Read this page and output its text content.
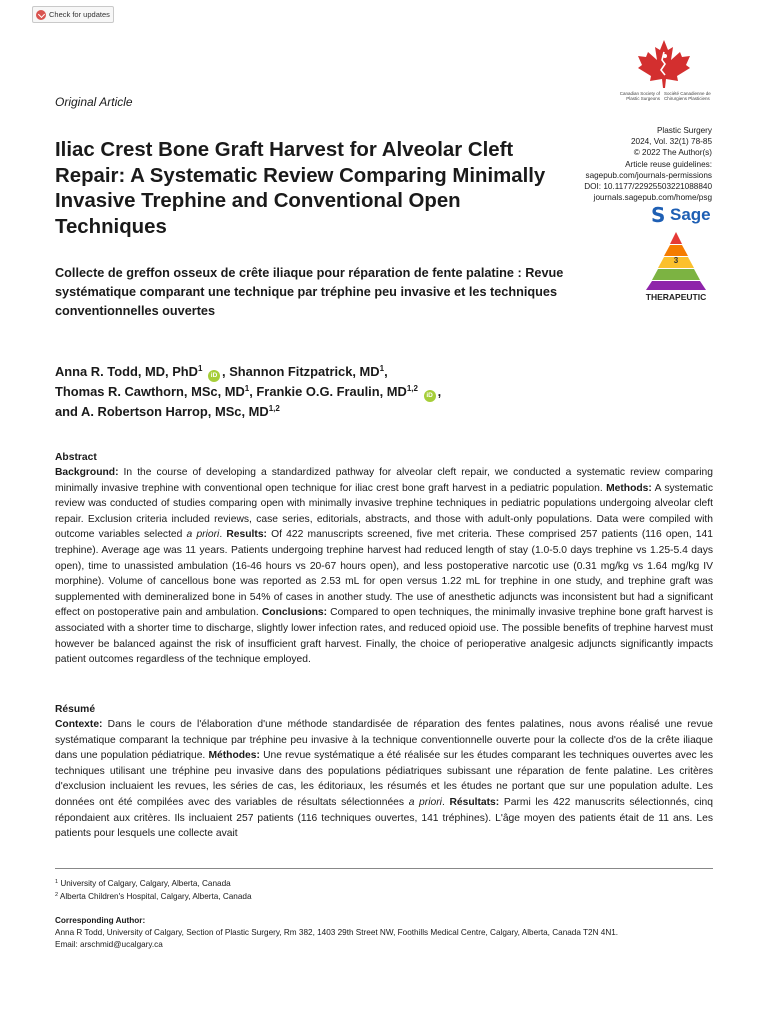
Check for updates
Original Article
Canadian Society of
Plastic Surgeons
Société Canadienne de
Chirurgiens Plasticiens
Plastic Surgery
2024, Vol. 32(1) 78-85
© 2022 The Author(s)
Article reuse guidelines:
sagepub.com/journals-permissions
DOI: 10.1177/22925503221088840
journals.sagepub.com/home/psg
S Sage
3
THERAPEUTIC
Iliac Crest Bone Graft Harvest for Alveolar Cleft Repair: A Systematic Review Comparing Minimally Invasive Trephine and Conventional Open Techniques
Collecte de greffon osseux de crête iliaque pour réparation de fente palatine : Revue systématique comparant une technique par tréphine peu invasive et les techniques conventionnelles ouvertes
Anna R. Todd, MD, PhD$^1$ iD , Shannon Fitzpatrick, $MD^1$,
Thomas R. Cawthorn, MSc, $MD^1$, Frankie O.G. Fraulin, MD$^{1,2}$ iD ,
and A. Robertson Harrop, MSc, MD$^{1,2}$
Abstract

Background: In the course of developing a standardized pathway for alveolar cleft repair, we conducted a systematic review comparing minimally invasive trephine with conventional open technique for iliac crest bone graft harvest in a pediatric population. Methods: A systematic review was conducted of studies comparing open with minimally invasive trephine techniques in pediatric populations undergoing alveolar cleft repair. Exclusion criteria included reviews, case series, editorials, abstracts, and those with adult-only populations. Data were compiled with outcome variables selected a priori. Results: Of 422 manuscripts screened, five met criteria. These comprised 257 patients (116 open, 141 trephine). Average age was 11 years. Patients undergoing trephine harvest had reduced length of stay (1.0-5.0 days trephine vs 1.25-5.4 days open), time to unassisted ambulation (16-46 hours vs 20-67 hours open), and less postoperative narcotic use (0.31 mg/kg vs 1.64 mg/kg IV morphine). Volume of cancellous bone was reported as 2.53 mL for open versus 1.22 mL for trephine in one study, and trephine graft was supplemented with demineralized bone in 54% of cases in another study. The use of anesthetic adjuncts was inconsistent but had a significant effect on postoperative pain and ambulation. Conclusions: Compared to open techniques, the minimally invasive trephine bone graft harvest is associated with a shorter time to discharge, slightly lower infection rates, and reduced opioid use. The possible benefits of trephine harvest must however be balanced against the risk of insufficient graft harvest. Finally, the choice of perioperative analgesic adjuncts significantly impacts patient outcomes regardless of the technique employed.

Résumé

Contexte: Dans le cours de l'élaboration d'une méthode standardisée de réparation des fentes palatines, nous avons réalisé une revue systématique comparant la technique par tréphine peu invasive à la technique conventionnelle ouverte pour la collecte d'os de la crête iliaque dans une population pédiatrique. Méthodes: Une revue systématique a été réalisée sur les études comparant les techniques ouvertes avec les techniques utilisant une tréphine peu invasive dans des populations pédiatriques subissant une réparation de fente palatine. Les critères d'exclusion incluaient les revues, les séries de cas, les éditoriaux, les résumés et les études ne portant que sur une population adulte. Les données ont été compilées avec des variables de résultats sélectionnées a priori. Résultats: Parmi les 422 manuscrits sélectionnés, cinq répondaient aux critères. Ils incluaient 257 patients (116 techniques ouvertes, 141 tréphines). L'âge moyen des patients était de 11 ans. Les patients pour lesquels une collecte avait

$^1$ University of Calgary, Calgary, Alberta, Canada
$^2$ Alberta Children's Hospital, Calgary, Alberta, Canada
Corresponding Author:
Anna R Todd, University of Calgary, Section of Plastic Surgery, Rm 382, 1403 29th Street NW, Foothills Medical Centre, Calgary, Alberta, Canada T2N 4N1.
Email: arschmid@ucalgary.ca
